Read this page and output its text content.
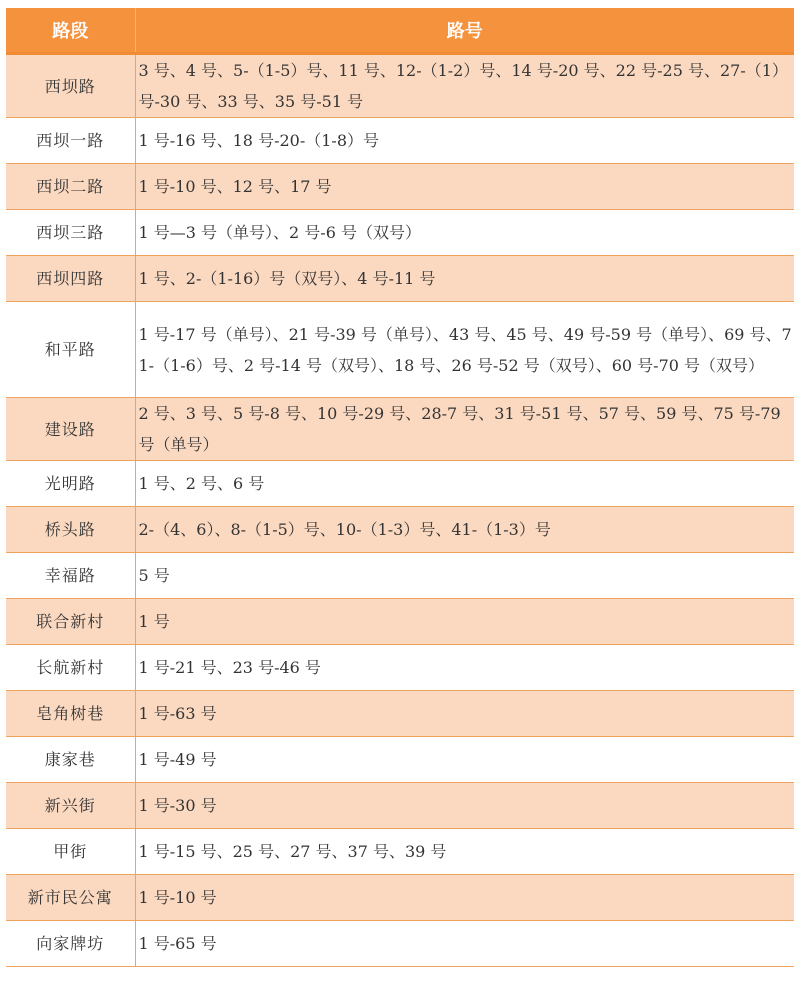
路段	路号
西坝路	3 号、4 号、5-（1-5）号、11 号、12-（1-2）号、14 号-20 号、22 号-25 号、27-（1）号-30 号、33 号、35 号-51 号
西坝一路	1 号-16 号、18 号-20-（1-8）号
西坝二路	1 号-10 号、12 号、17 号
西坝三路	1 号—3 号（单号）、2 号-6 号（双号）
西坝四路	1 号、2-（1-16）号（双号）、4 号-11 号
和平路	1 号-17 号（单号）、21 号-39 号（单号）、43 号、45 号、49 号-59 号（单号）、69 号、71-（1-6）号、2 号-14 号（双号）、18 号、26 号-52 号（双号）、60 号-70 号（双号）
建设路	2 号、3 号、5 号-8 号、10 号-29 号、28-7 号、31 号-51 号、57 号、59 号、75 号-79 号（单号）
光明路	1 号、2 号、6 号
桥头路	2-（4、6）、8-（1-5）号、10-（1-3）号、41-（1-3）号
幸福路	5 号
联合新村	1 号
长航新村	1 号-21 号、23 号-46 号
皂角树巷	1 号-63 号
康家巷	1 号-49 号
新兴街	1 号-30 号
甲街	1 号-15 号、25 号、27 号、37 号、39 号
新市民公寓	1 号-10 号
向家牌坊	1 号-65 号
